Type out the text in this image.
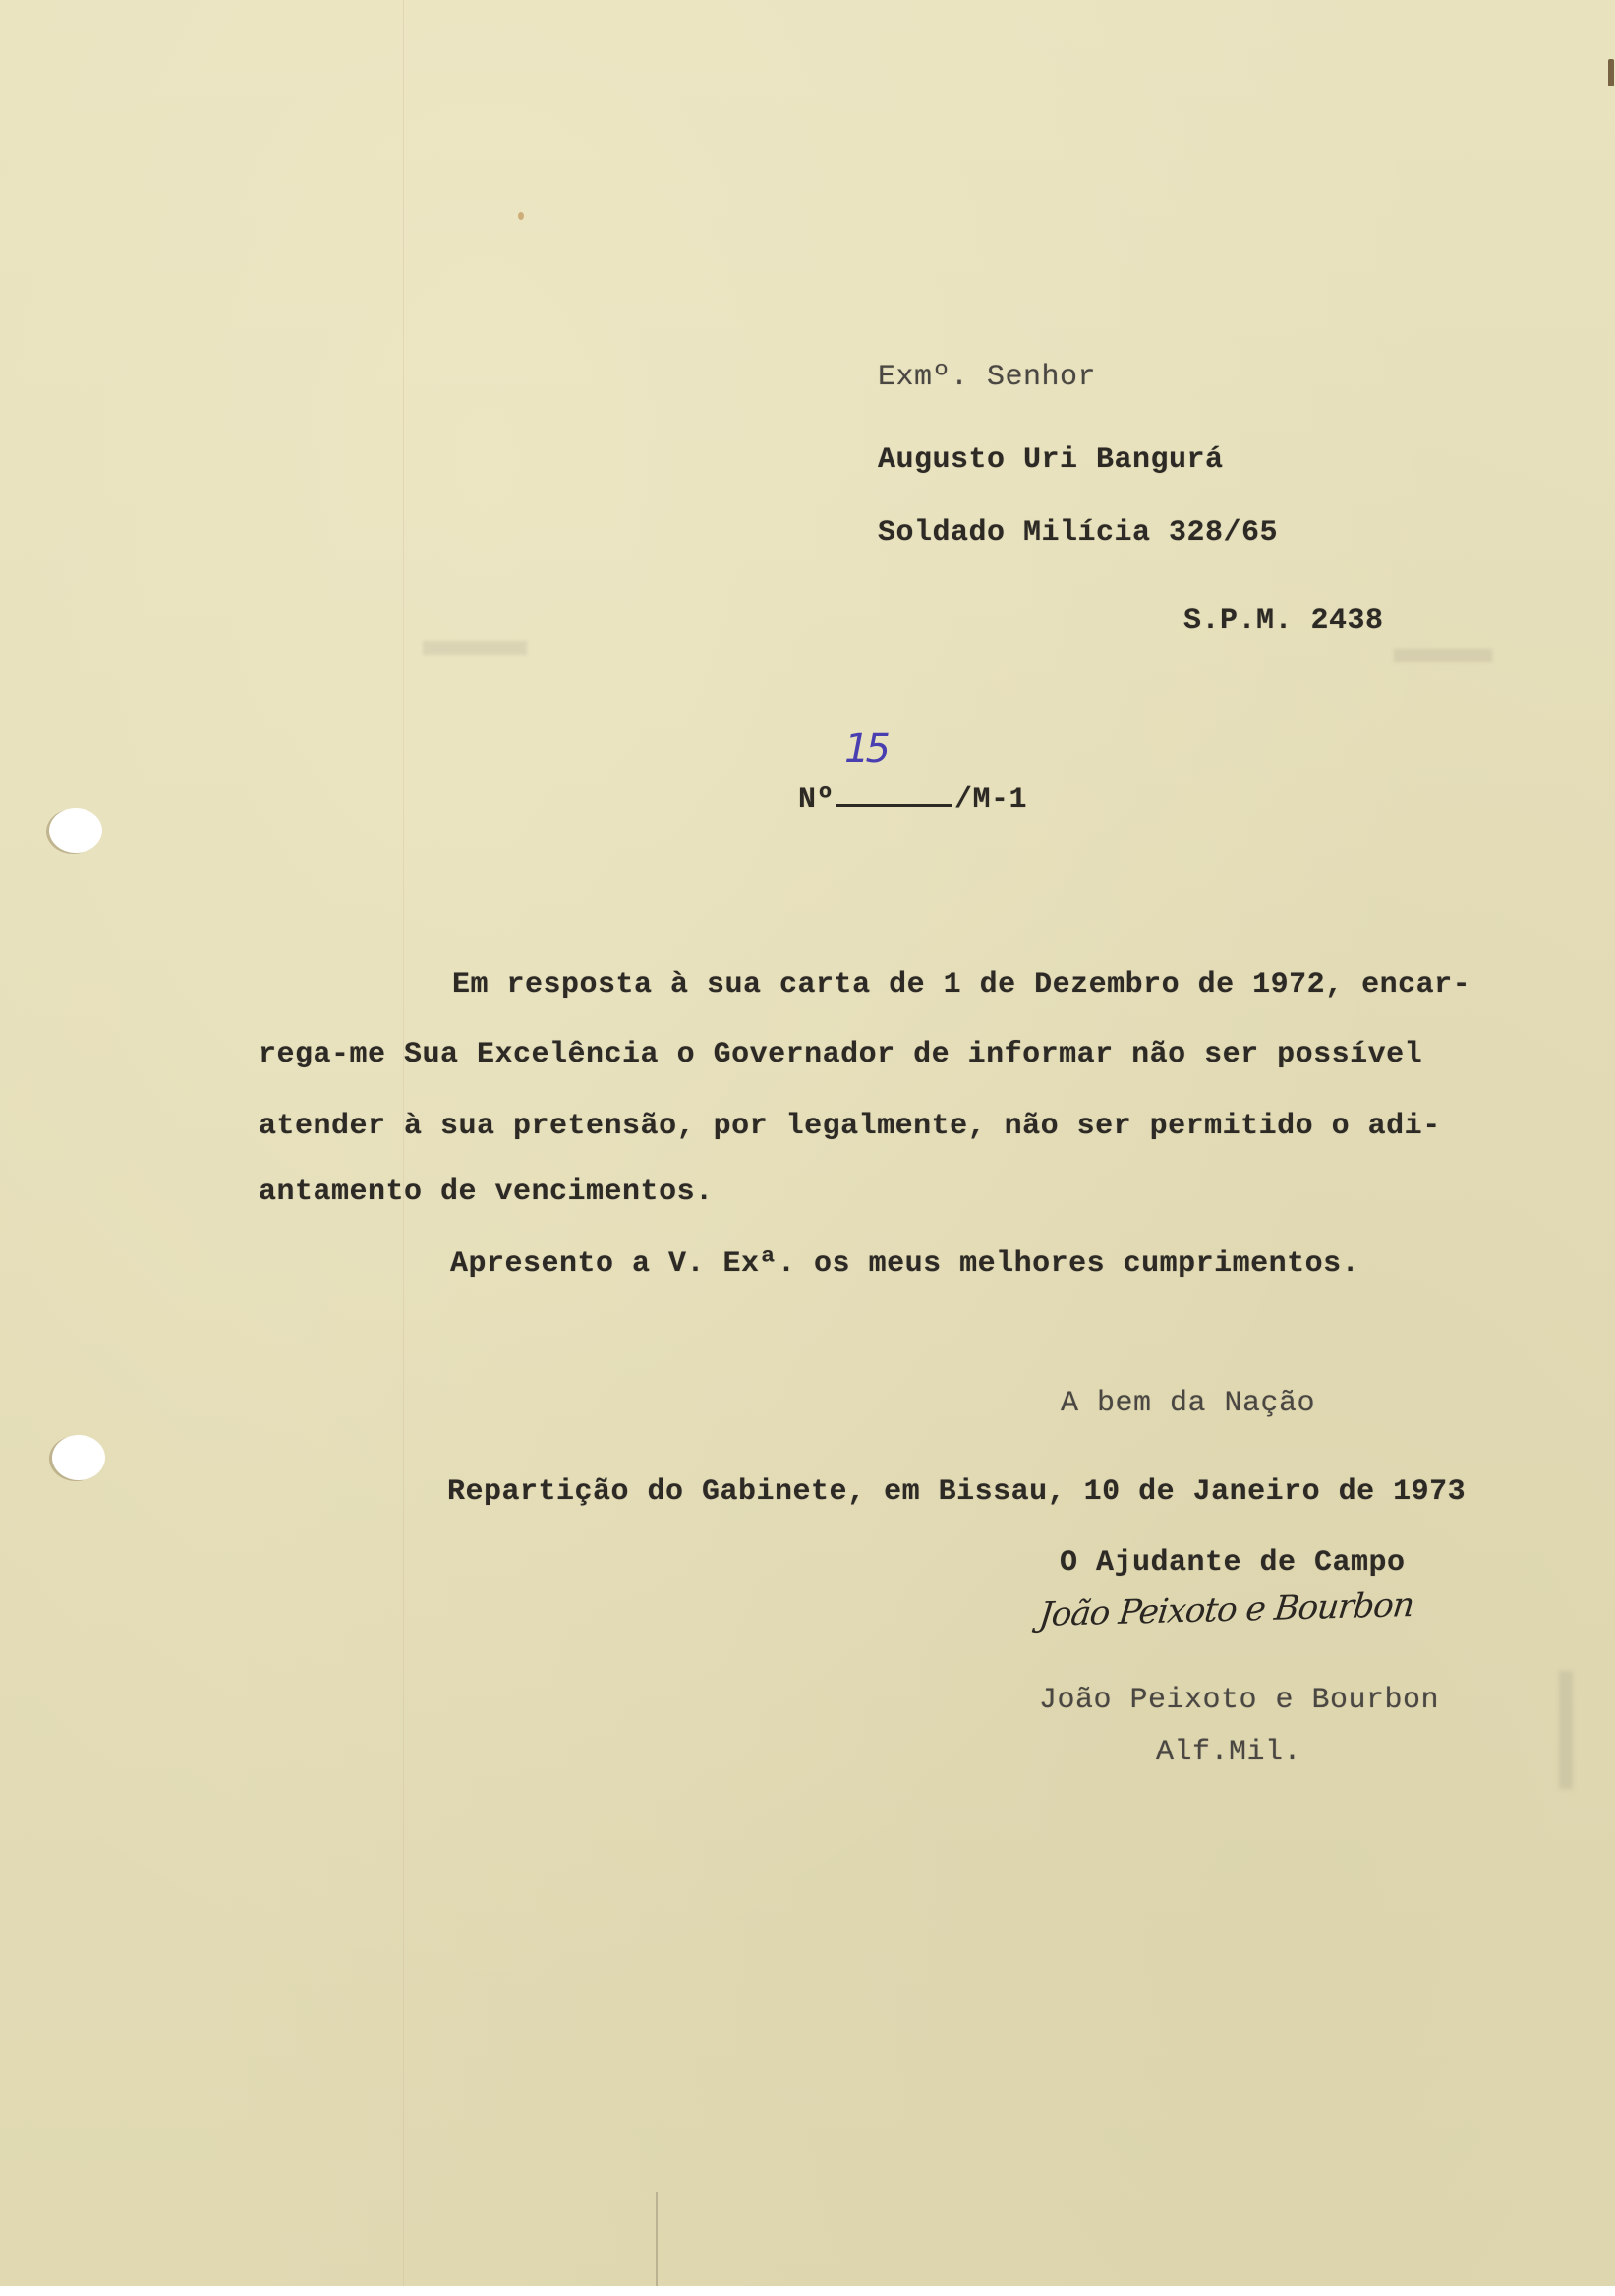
Exmº. Senhor
Augusto Uri Bangurá
Soldado Milícia 328/65
S.P.M. 2438
Nº
15
/M-1
Em resposta à sua carta de 1 de Dezembro de 1972, encar-
rega-me Sua Excelência o Governador de informar não ser possível
atender à sua pretensão, por legalmente, não ser permitido o adi-
antamento de vencimentos.
Apresento a V. Exª. os meus melhores cumprimentos.
A bem da Nação
Repartição do Gabinete, em Bissau, 10 de Janeiro de 1973
O Ajudante de Campo
João Peixoto e Bourbon
João Peixoto e Bourbon
Alf.Mil.
